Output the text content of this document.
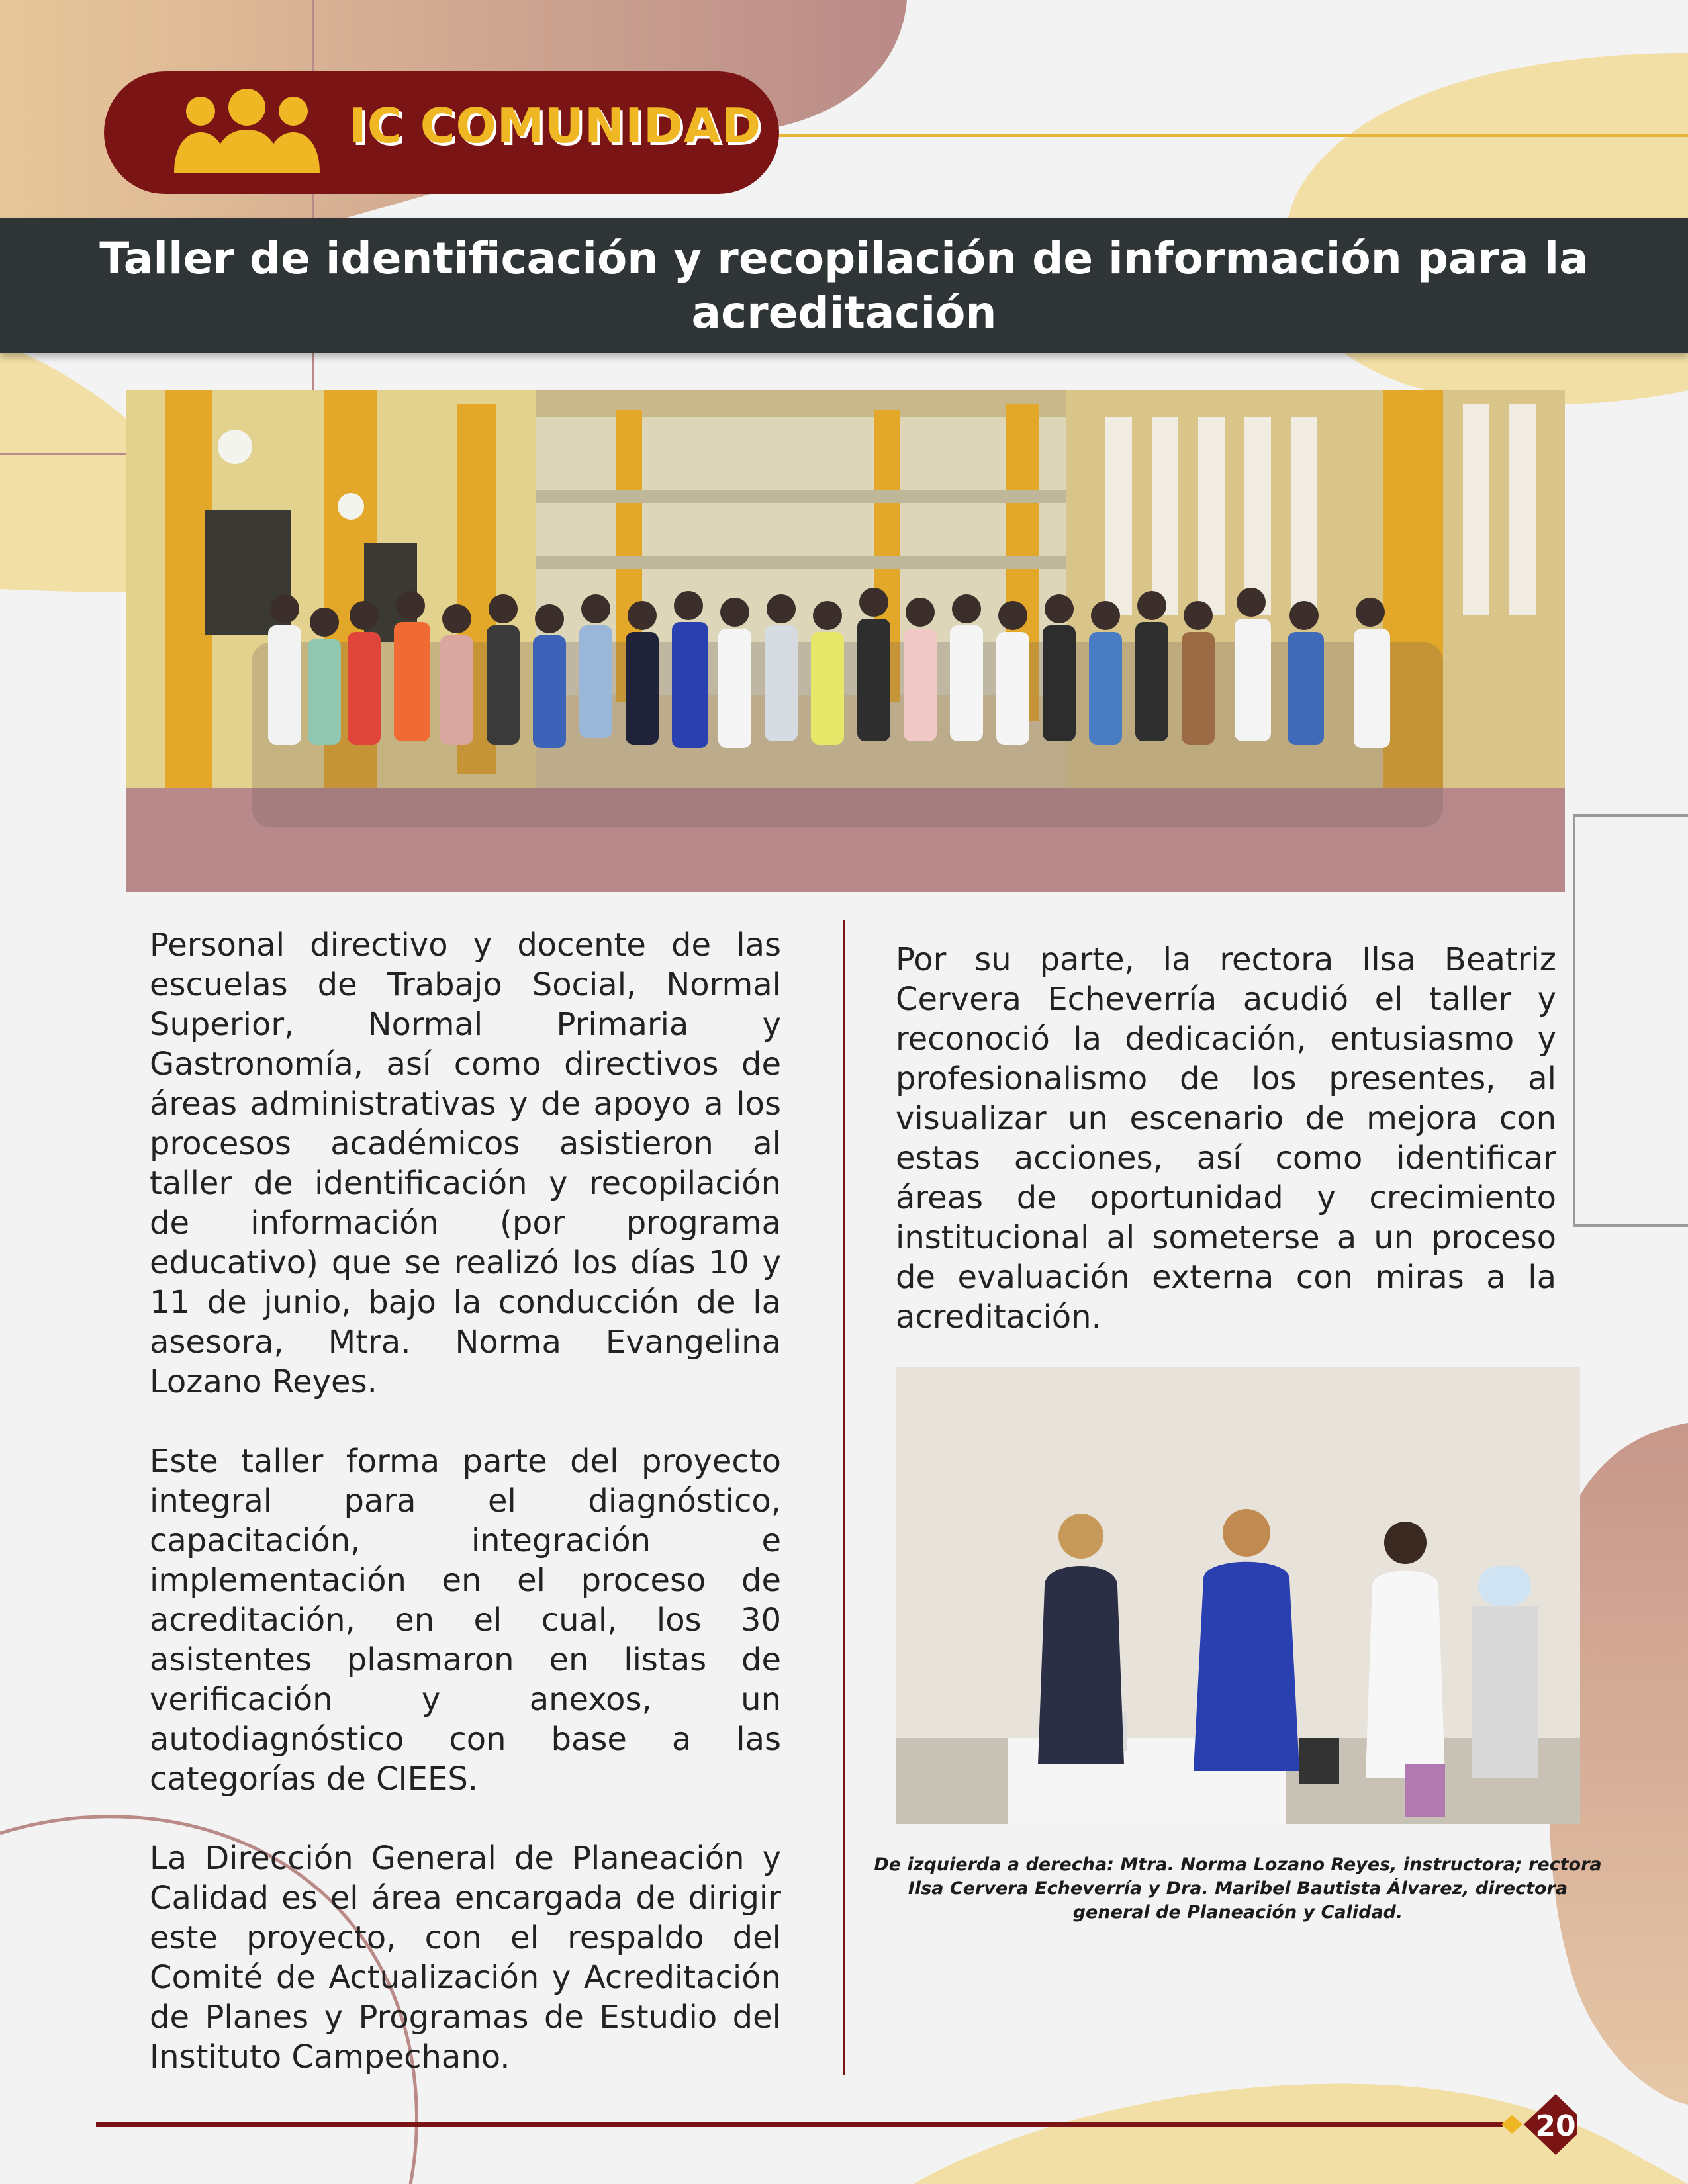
IC COMUNIDAD
Taller de identificación y recopilación de información para la acreditación

Personal directivo y docente de las escuelas de Trabajo Social, Normal Superior, Normal Primaria y Gastronomía, así como directivos de áreas administrativas y de apoyo a los procesos académicos asistieron al taller de identificación y recopilación de información (por programa educativo) que se realizó los días 10 y 11 de junio, bajo la conducción de la asesora, Mtra. Norma Evangelina Lozano Reyes.

Este taller forma parte del proyecto integral para el diagnóstico, capacitación, integración e implementación en el proceso de acreditación, en el cual, los 30 asistentes plasmaron en listas de verificación y anexos, un autodiagnóstico con base a las categorías de CIEES.

La Dirección General de Planeación y Calidad es el área encargada de dirigir este proyecto, con el respaldo del Comité de Actualización y Acreditación de Planes y Programas de Estudio del Instituto Campechano.

Por su parte, la rectora Ilsa Beatriz Cervera Echeverría acudió el taller y reconoció la dedicación, entusiasmo y profesionalismo de los presentes, al visualizar un escenario de mejora con estas acciones, así como identificar áreas de oportunidad y crecimiento institucional al someterse a un proceso de evaluación externa con miras a la acreditación.

De izquierda a derecha: Mtra. Norma Lozano Reyes, instructora; rectora Ilsa Cervera Echeverría y Dra. Maribel Bautista Álvarez, directora general de Planeación y Calidad.
20
